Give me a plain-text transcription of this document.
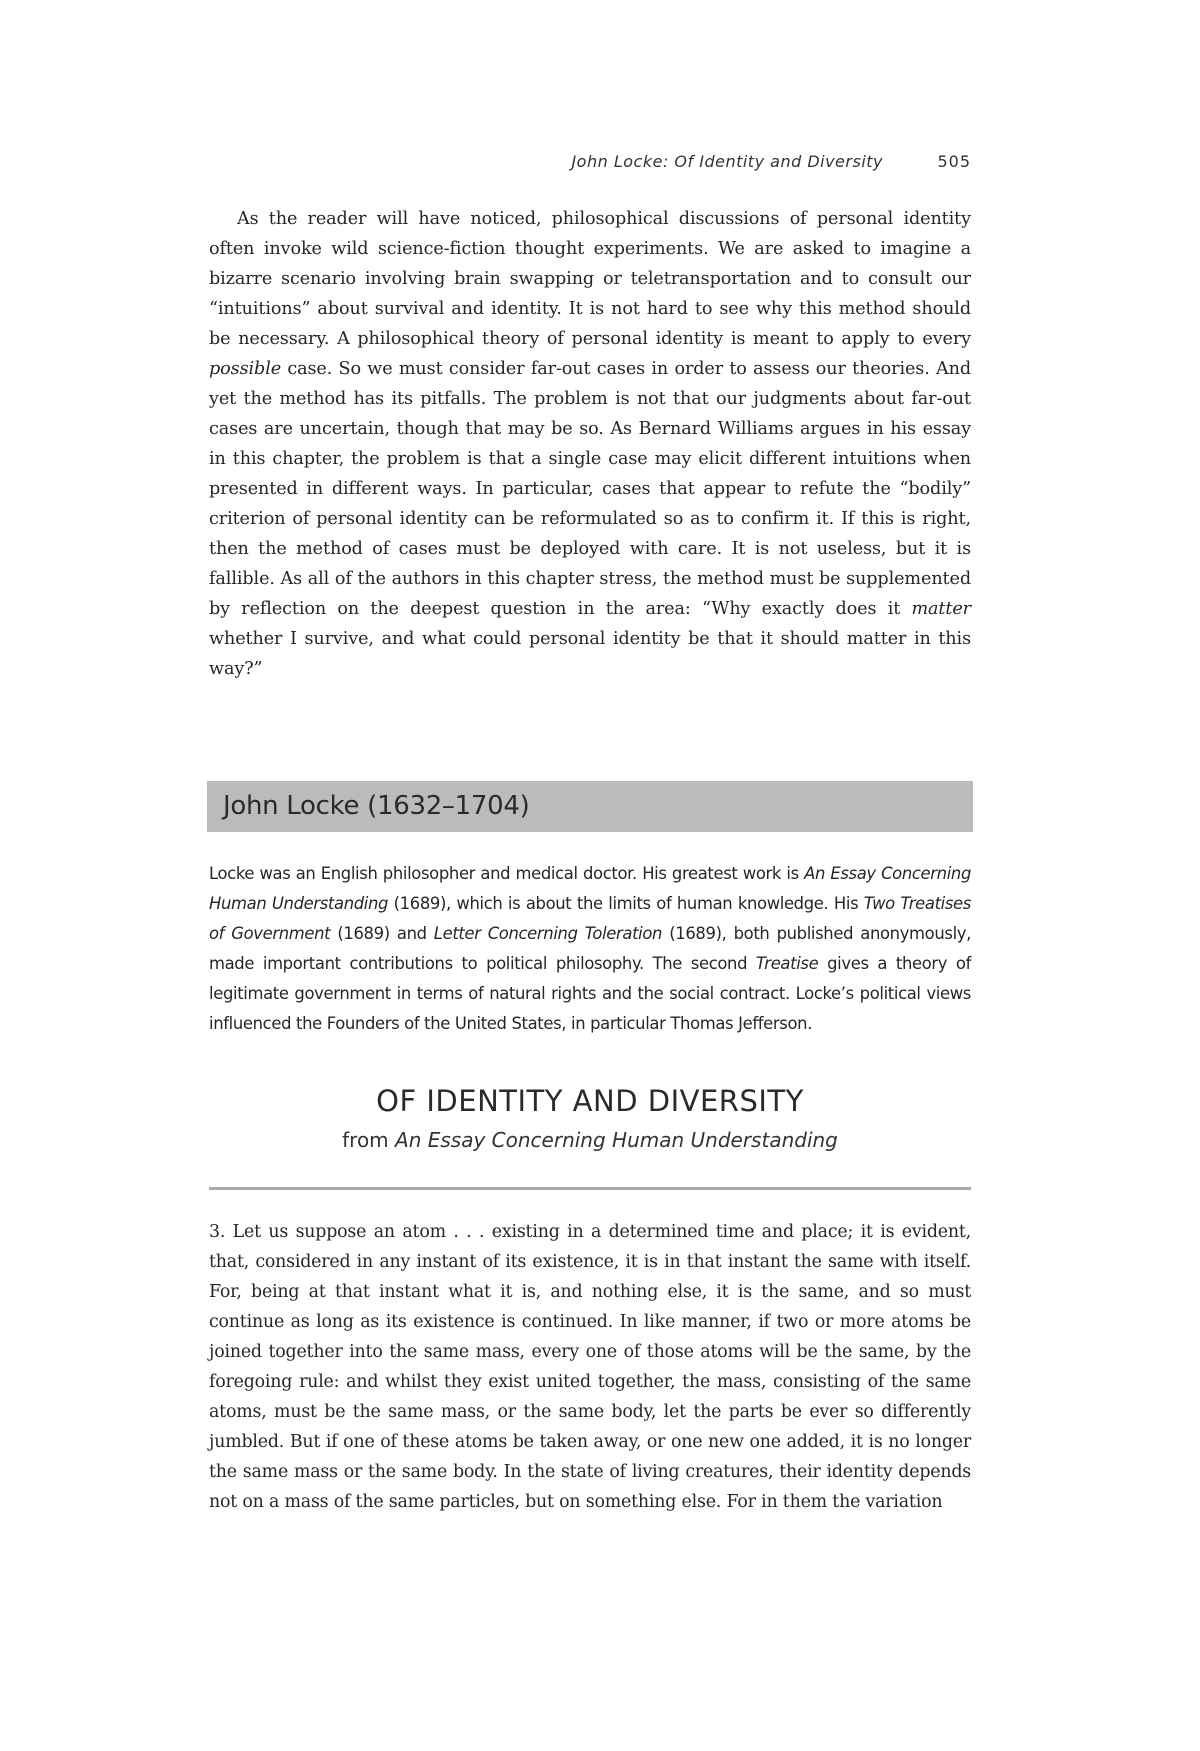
John Locke: Of Identity and Diversity	505

As the reader will have noticed, philosophical discussions of personal identity often invoke wild science-fiction thought experiments. We are asked to imagine a bizarre scenario involving brain swapping or teletransportation and to consult our “intuitions” about survival and identity. It is not hard to see why this method should be necessary. A philosophical theory of personal identity is meant to apply to every possible case. So we must consider far-out cases in order to assess our theories. And yet the method has its pitfalls. The problem is not that our judgments about far-out cases are uncertain, though that may be so. As Bernard Williams argues in his essay in this chapter, the problem is that a single case may elicit different intuitions when presented in different ways. In particular, cases that appear to refute the “bodily” criterion of personal identity can be reformulated so as to confirm it. If this is right, then the method of cases must be deployed with care. It is not useless, but it is fallible. As all of the authors in this chapter stress, the method must be supplemented by reflection on the deepest question in the area: “Why exactly does it matter whether I survive, and what could personal identity be that it should matter in this way?”

John Locke (1632–1704)

Locke was an English philosopher and medical doctor. His greatest work is An Essay Concerning Human Understanding (1689), which is about the limits of human knowledge. His Two Treatises of Government (1689) and Letter Concerning Toleration (1689), both published anonymously, made important contributions to political philosophy. The second Treatise gives a theory of legitimate government in terms of natural rights and the social contract. Locke’s political views influenced the Founders of the United States, in particular Thomas Jefferson.

OF IDENTITY AND DIVERSITY

from An Essay Concerning Human Understanding

3. Let us suppose an atom . . . existing in a determined time and place; it is evident, that, considered in any instant of its existence, it is in that instant the same with itself. For, being at that instant what it is, and nothing else, it is the same, and so must continue as long as its existence is continued. In like manner, if two or more atoms be joined together into the same mass, every one of those atoms will be the same, by the foregoing rule: and whilst they exist united together, the mass, consisting of the same atoms, must be the same mass, or the same body, let the parts be ever so differently jumbled. But if one of these atoms be taken away, or one new one added, it is no longer the same mass or the same body. In the state of living creatures, their identity depends not on a mass of the same particles, but on something else. For in them the variation
